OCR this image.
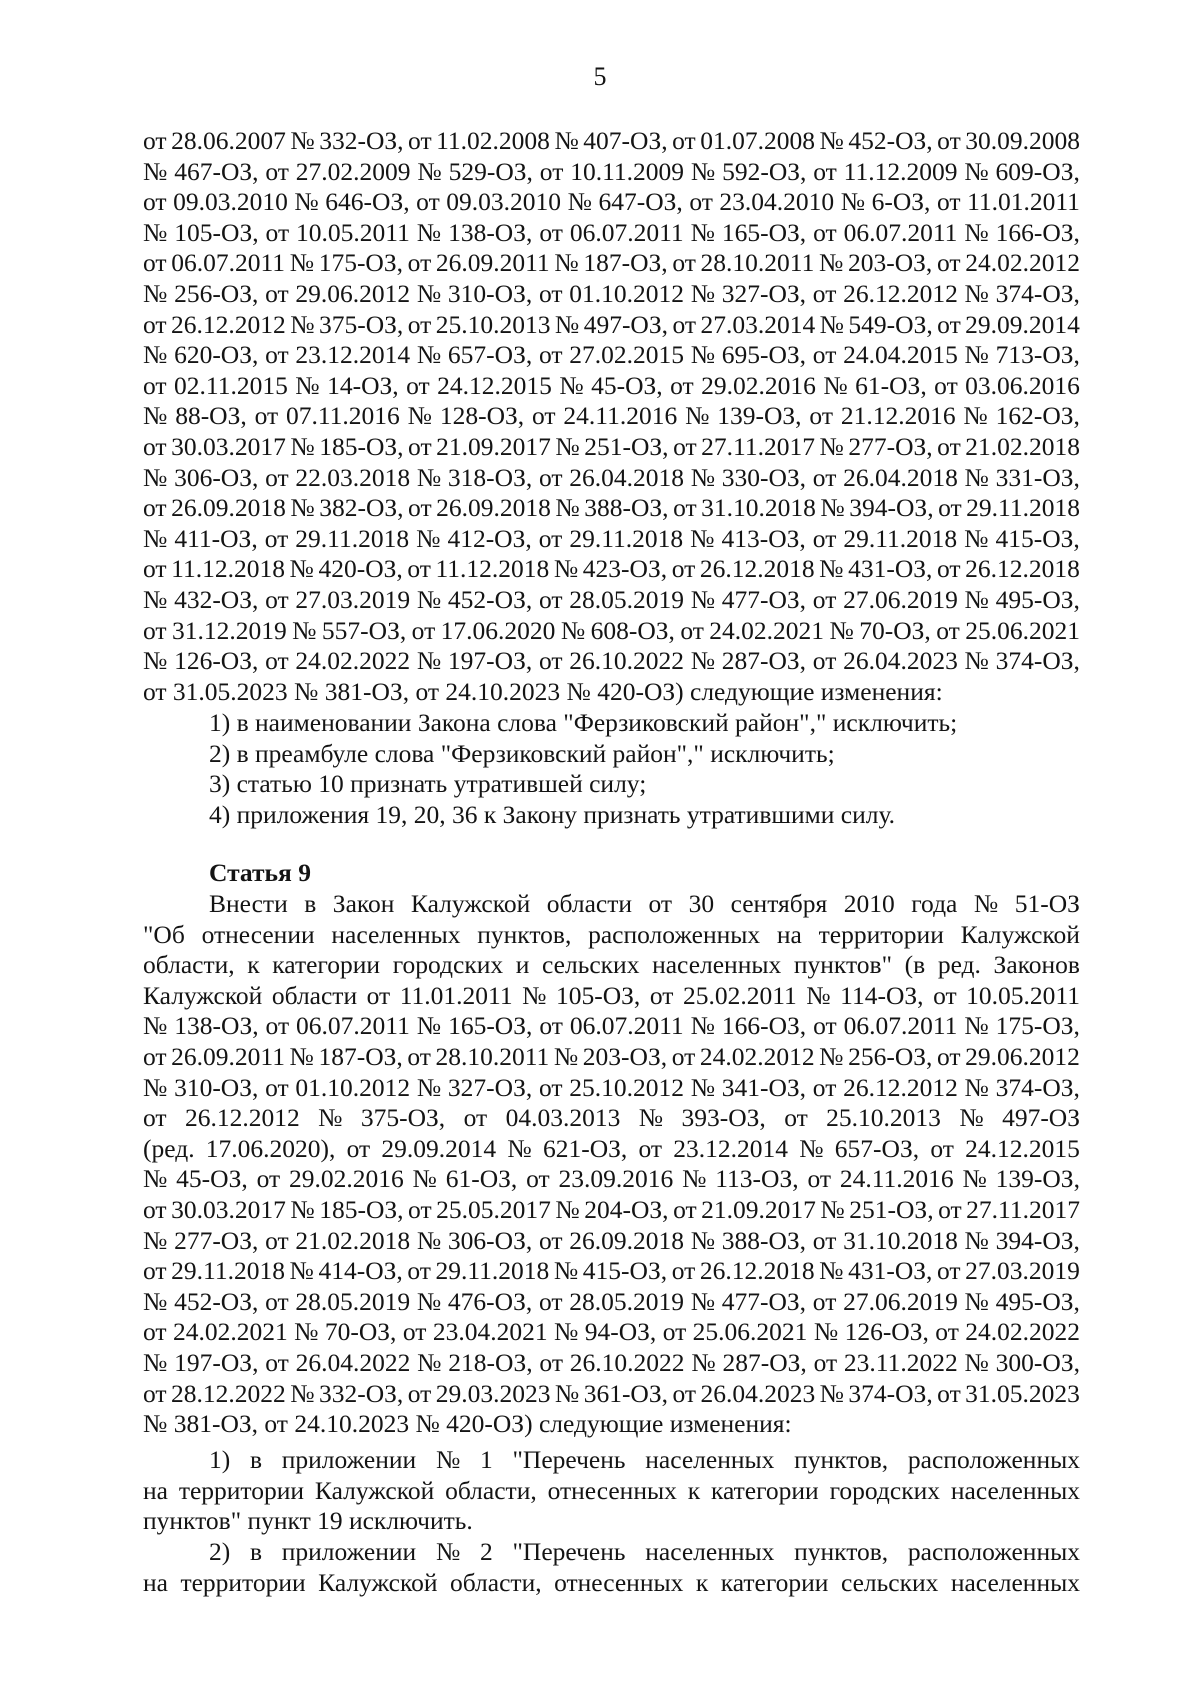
5
от 28.06.2007 № 332-ОЗ, от 11.02.2008 № 407-ОЗ, от 01.07.2008 № 452-ОЗ, от 30.09.2008
№ 467-ОЗ, от 27.02.2009 № 529-ОЗ, от 10.11.2009 № 592-ОЗ, от 11.12.2009 № 609-ОЗ,
от 09.03.2010 № 646-ОЗ, от 09.03.2010 № 647-ОЗ, от 23.04.2010 № 6-ОЗ, от 11.01.2011
№ 105-ОЗ, от 10.05.2011 № 138-ОЗ, от 06.07.2011 № 165-ОЗ, от 06.07.2011 № 166-ОЗ,
от 06.07.2011 № 175-ОЗ, от 26.09.2011 № 187-ОЗ, от 28.10.2011 № 203-ОЗ, от 24.02.2012
№ 256-ОЗ, от 29.06.2012 № 310-ОЗ, от 01.10.2012 № 327-ОЗ, от 26.12.2012 № 374-ОЗ,
от 26.12.2012 № 375-ОЗ, от 25.10.2013 № 497-ОЗ, от 27.03.2014 № 549-ОЗ, от 29.09.2014
№ 620-ОЗ, от 23.12.2014 № 657-ОЗ, от 27.02.2015 № 695-ОЗ, от 24.04.2015 № 713-ОЗ,
от 02.11.2015 № 14-ОЗ, от 24.12.2015 № 45-ОЗ, от 29.02.2016 № 61-ОЗ, от 03.06.2016
№ 88-ОЗ, от 07.11.2016 № 128-ОЗ, от 24.11.2016 № 139-ОЗ, от 21.12.2016 № 162-ОЗ,
от 30.03.2017 № 185-ОЗ, от 21.09.2017 № 251-ОЗ, от 27.11.2017 № 277-ОЗ, от 21.02.2018
№ 306-ОЗ, от 22.03.2018 № 318-ОЗ, от 26.04.2018 № 330-ОЗ, от 26.04.2018 № 331-ОЗ,
от 26.09.2018 № 382-ОЗ, от 26.09.2018 № 388-ОЗ, от 31.10.2018 № 394-ОЗ, от 29.11.2018
№ 411-ОЗ, от 29.11.2018 № 412-ОЗ, от 29.11.2018 № 413-ОЗ, от 29.11.2018 № 415-ОЗ,
от 11.12.2018 № 420-ОЗ, от 11.12.2018 № 423-ОЗ, от 26.12.2018 № 431-ОЗ, от 26.12.2018
№ 432-ОЗ, от 27.03.2019 № 452-ОЗ, от 28.05.2019 № 477-ОЗ, от 27.06.2019 № 495-ОЗ,
от 31.12.2019 № 557-ОЗ, от 17.06.2020 № 608-ОЗ, от 24.02.2021 № 70-ОЗ, от 25.06.2021
№ 126-ОЗ, от 24.02.2022 № 197-ОЗ, от 26.10.2022 № 287-ОЗ, от 26.04.2023 № 374-ОЗ,
от 31.05.2023 № 381-ОЗ, от 24.10.2023 № 420-ОЗ) следующие изменения:
1) в наименовании Закона слова "Ферзиковский район"," исключить;
2) в преамбуле слова "Ферзиковский район"," исключить;
3) статью 10 признать утратившей силу;
4) приложения 19, 20, 36 к Закону признать утратившими силу.
Статья 9
Внести в Закон Калужской области от 30 сентября 2010 года № 51-ОЗ
"Об отнесении населенных пунктов, расположенных на территории Калужской
области, к категории городских и сельских населенных пунктов" (в ред. Законов
Калужской области от 11.01.2011 № 105-ОЗ, от 25.02.2011 № 114-ОЗ, от 10.05.2011
№ 138-ОЗ, от 06.07.2011 № 165-ОЗ, от 06.07.2011 № 166-ОЗ, от 06.07.2011 № 175-ОЗ,
от 26.09.2011 № 187-ОЗ, от 28.10.2011 № 203-ОЗ, от 24.02.2012 № 256-ОЗ, от 29.06.2012
№ 310-ОЗ, от 01.10.2012 № 327-ОЗ, от 25.10.2012 № 341-ОЗ, от 26.12.2012 № 374-ОЗ,
от 26.12.2012 № 375-ОЗ, от 04.03.2013 № 393-ОЗ, от 25.10.2013 № 497-ОЗ
(ред. 17.06.2020), от 29.09.2014 № 621-ОЗ, от 23.12.2014 № 657-ОЗ, от 24.12.2015
№ 45-ОЗ, от 29.02.2016 № 61-ОЗ, от 23.09.2016 № 113-ОЗ, от 24.11.2016 № 139-ОЗ,
от 30.03.2017 № 185-ОЗ, от 25.05.2017 № 204-ОЗ, от 21.09.2017 № 251-ОЗ, от 27.11.2017
№ 277-ОЗ, от 21.02.2018 № 306-ОЗ, от 26.09.2018 № 388-ОЗ, от 31.10.2018 № 394-ОЗ,
от 29.11.2018 № 414-ОЗ, от 29.11.2018 № 415-ОЗ, от 26.12.2018 № 431-ОЗ, от 27.03.2019
№ 452-ОЗ, от 28.05.2019 № 476-ОЗ, от 28.05.2019 № 477-ОЗ, от 27.06.2019 № 495-ОЗ,
от 24.02.2021 № 70-ОЗ, от 23.04.2021 № 94-ОЗ, от 25.06.2021 № 126-ОЗ, от 24.02.2022
№ 197-ОЗ, от 26.04.2022 № 218-ОЗ, от 26.10.2022 № 287-ОЗ, от 23.11.2022 № 300-ОЗ,
от 28.12.2022 № 332-ОЗ, от 29.03.2023 № 361-ОЗ, от 26.04.2023 № 374-ОЗ, от 31.05.2023
№ 381-ОЗ, от 24.10.2023 № 420-ОЗ) следующие изменения:
1) в приложении № 1 "Перечень населенных пунктов, расположенных
на территории Калужской области, отнесенных к категории городских населенных
пунктов" пункт 19 исключить.
2) в приложении № 2 "Перечень населенных пунктов, расположенных
на территории Калужской области, отнесенных к категории сельских населенных
